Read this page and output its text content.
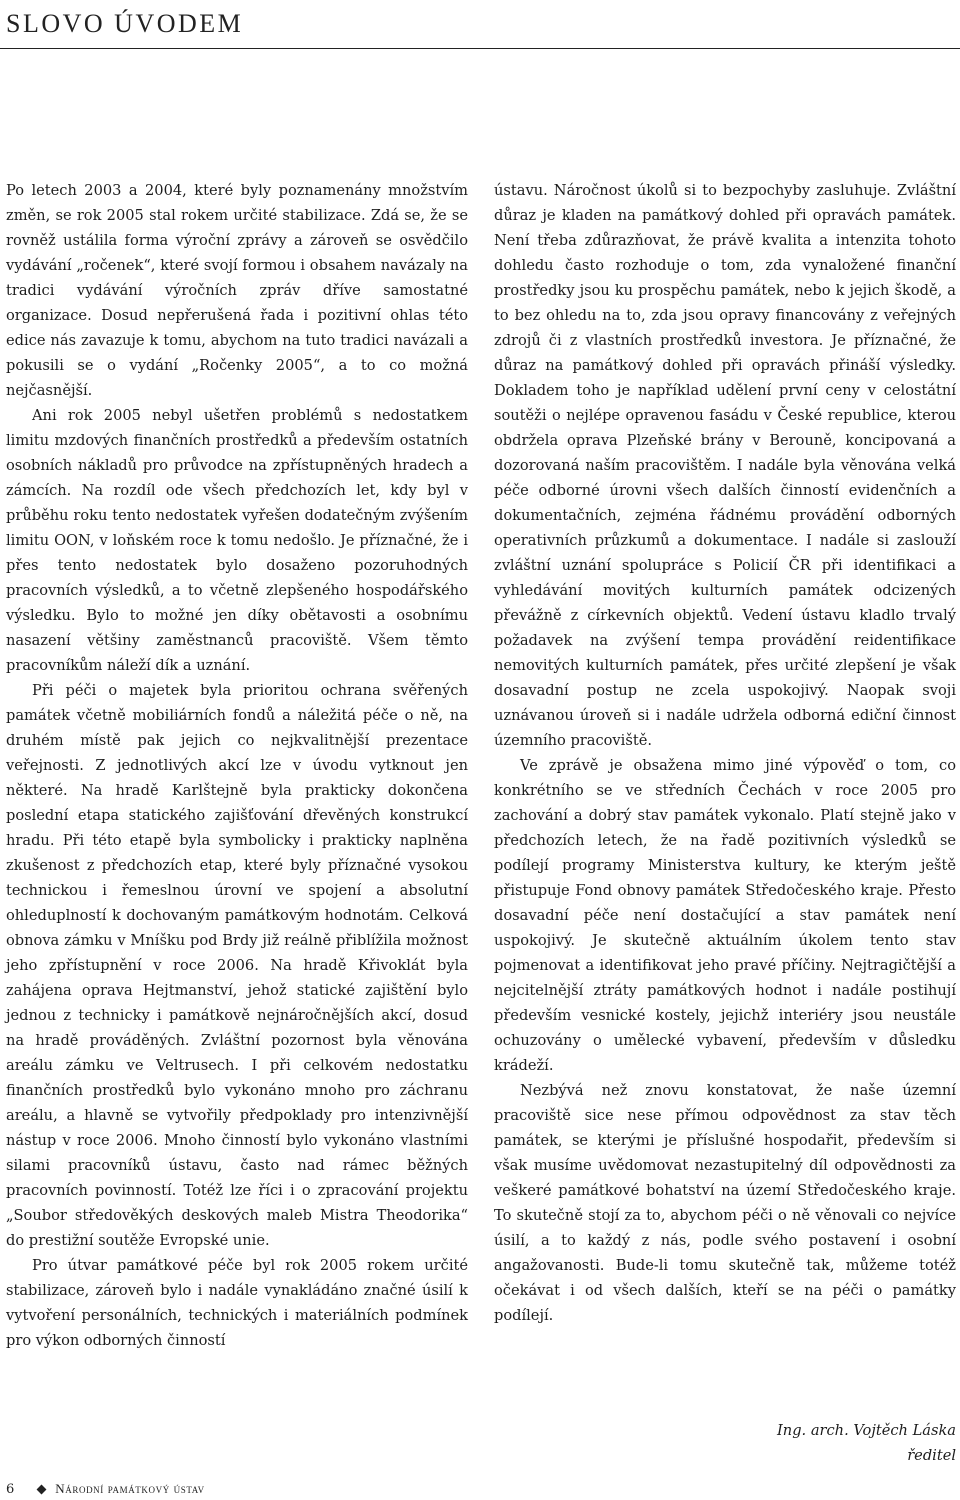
SLOVO ÚVODEM

Po letech 2003 a 2004, které byly poznamenány množstvím změn, se rok 2005 stal rokem určité stabilizace. Zdá se, že se rovněž ustálila forma výroční zprávy a zároveň se osvědčilo vydávání „ročenek“, které svojí formou i obsahem navázaly na tradici vydávání výročních zpráv dříve samostatné organizace. Dosud nepřerušená řada i pozitivní ohlas této edice nás zavazuje k tomu, abychom na tuto tradici navázali a pokusili se o vydání „Ročenky 2005“, a to co možná nejčasnější.

Ani rok 2005 nebyl ušetřen problémů s nedostatkem limitu mzdových finančních prostředků a především ostatních osobních nákladů pro průvodce na zpřístupněných hradech a zámcích. Na rozdíl ode všech předchozích let, kdy byl v průběhu roku tento nedostatek vyřešen dodatečným zvýšením limitu OON, v loňském roce k tomu nedošlo. Je příznačné, že i přes tento nedostatek bylo dosaženo pozoruhodných pracovních výsledků, a to včetně zlepšeného hospodářského výsledku. Bylo to možné jen díky obětavosti a osobnímu nasazení většiny zaměstnanců pracoviště. Všem těmto pracovníkům náleží dík a uznání.

Při péči o majetek byla prioritou ochrana svěřených památek včetně mobiliárních fondů a náležitá péče o ně, na druhém místě pak jejich co nejkvalitnější prezentace veřejnosti. Z jednotlivých akcí lze v úvodu vytknout jen některé. Na hradě Karlštejně byla prakticky dokončena poslední etapa statického zajišťování dřevěných konstrukcí hradu. Při této etapě byla symbolicky i prakticky naplněna zkušenost z předchozích etap, které byly příznačné vysokou technickou i řemeslnou úrovní ve spojení a absolutní ohleduplností k dochovaným památkovým hodnotám. Celková obnova zámku v Mníšku pod Brdy již reálně přiblížila možnost jeho zpřístupnění v roce 2006. Na hradě Křivoklát byla zahájena oprava Hejtmanství, jehož statické zajištění bylo jednou z technicky i památkově nejnáročnějších akcí, dosud na hradě prováděných. Zvláštní pozornost byla věnována areálu zámku ve Veltrusech. I při celkovém nedostatku finančních prostředků bylo vykonáno mnoho pro záchranu areálu, a hlavně se vytvořily předpoklady pro intenzivnější nástup v roce 2006. Mnoho činností bylo vykonáno vlastními silami pracovníků ústavu, často nad rámec běžných pracovních povinností. Totéž lze říci i o zpracování projektu „Soubor středověkých deskových maleb Mistra Theodorika“ do prestižní soutěže Evropské unie.

Pro útvar památkové péče byl rok 2005 rokem určité stabilizace, zároveň bylo i nadále vynakládáno značné úsilí k vytvoření personálních, technických i materiálních podmínek pro výkon odborných činností

ústavu. Náročnost úkolů si to bezpochyby zasluhuje. Zvláštní důraz je kladen na památkový dohled při opravách památek. Není třeba zdůrazňovat, že právě kvalita a intenzita tohoto dohledu často rozhoduje o tom, zda vynaložené finanční prostředky jsou ku prospěchu památek, nebo k jejich škodě, a to bez ohledu na to, zda jsou opravy financovány z veřejných zdrojů či z vlastních prostředků investora. Je příznačné, že důraz na památkový dohled při opravách přináší výsledky. Dokladem toho je například udělení první ceny v celostátní soutěži o nejlépe opravenou fasádu v České republice, kterou obdržela oprava Plzeňské brány v Berouně, koncipovaná a dozorovaná naším pracovištěm. I nadále byla věnována velká péče odborné úrovni všech dalších činností evidenčních a dokumentačních, zejména řádnému provádění odborných operativních průzkumů a dokumentace. I nadále si zaslouží zvláštní uznání spolupráce s Policií ČR při identifikaci a vyhledávání movitých kulturních památek odcizených převážně z církevních objektů. Vedení ústavu kladlo trvalý požadavek na zvýšení tempa provádění reidentifikace nemovitých kulturních památek, přes určité zlepšení je však dosavadní postup ne zcela uspokojivý. Naopak svoji uznávanou úroveň si i nadále udržela odborná ediční činnost územního pracoviště.

Ve zprávě je obsažena mimo jiné výpověď o tom, co konkrétního se ve středních Čechách v roce 2005 pro zachování a dobrý stav památek vykonalo. Platí stejně jako v předchozích letech, že na řadě pozitivních výsledků se podílejí programy Ministerstva kultury, ke kterým ještě přistupuje Fond obnovy památek Středočeského kraje. Přesto dosavadní péče není dostačující a stav památek není uspokojivý. Je skutečně aktuálním úkolem tento stav pojmenovat a identifikovat jeho pravé příčiny. Nejtragičtější a nejcitelnější ztráty památkových hodnot i nadále postihují především vesnické kostely, jejichž interiéry jsou neustále ochuzovány o umělecké vybavení, především v důsledku krádeží.

Nezbývá než znovu konstatovat, že naše územní pracoviště sice nese přímou odpovědnost za stav těch památek, se kterými je příslušné hospodařit, především si však musíme uvědomovat nezastupitelný díl odpovědnosti za veškeré památkové bohatství na území Středočeského kraje. To skutečně stojí za to, abychom péči o ně věnovali co nejvíce úsilí, a to každý z nás, podle svého postavení i osobní angažovanosti. Bude-li tomu skutečně tak, můžeme totéž očekávat i od všech dalších, kteří se na péči o památky podílejí.

Ing. arch. Vojtěch Láska
ředitel
6	Národní památkový ústav
